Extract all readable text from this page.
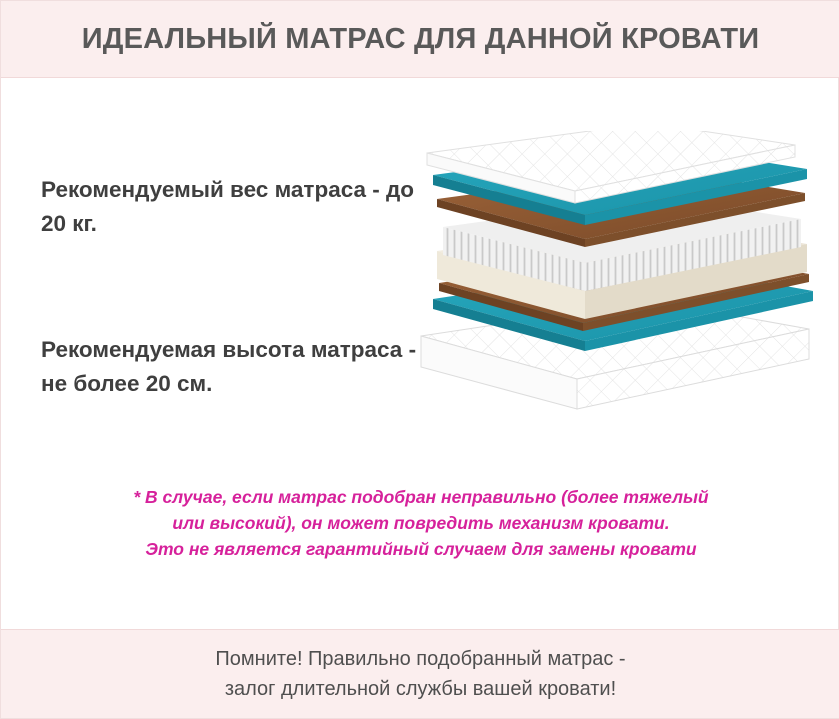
ИДЕАЛЬНЫЙ МАТРАС ДЛЯ ДАННОЙ КРОВАТИ
Рекомендуемый вес матраса - до 20 кг.
Рекомендуемая высота матраса - не более 20 см.
* В случае, если матрас подобран неправильно (более тяжелый
или высокий), он может повредить механизм кровати.
Это не является гарантийный случаем для замены кровати
Помните! Правильно подобранный матрас -
залог длительной службы вашей кровати!
